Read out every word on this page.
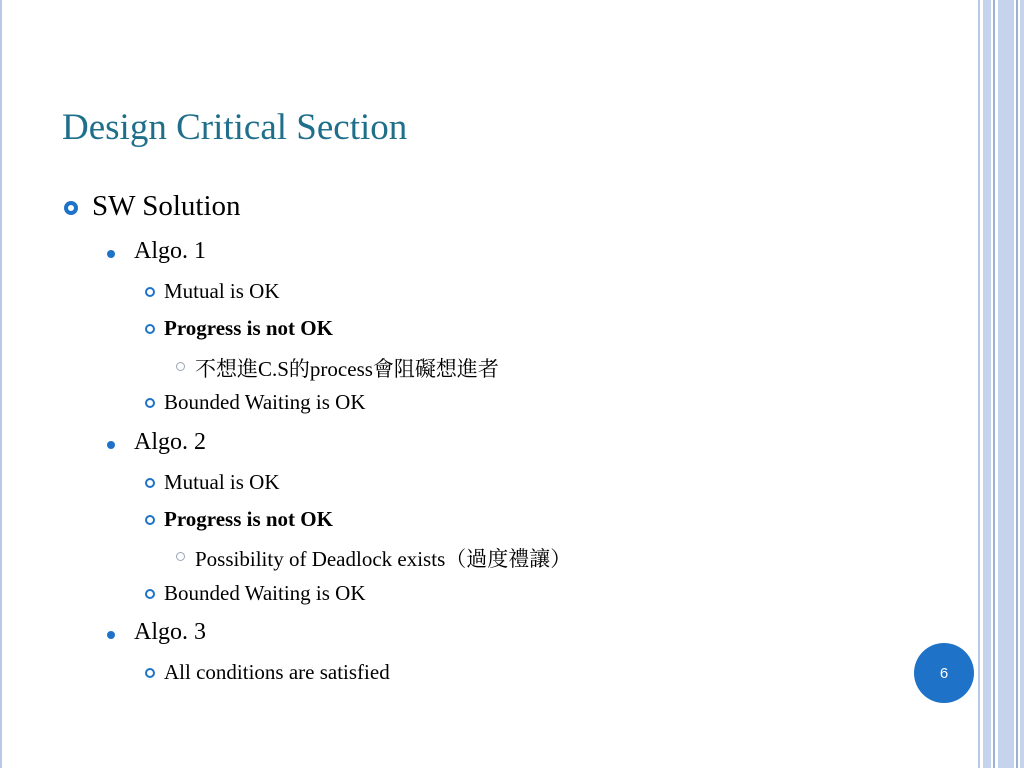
Design Critical Section
SW Solution
Algo. 1
Mutual is OK
Progress is not OK
不想進C.S的process會阻礙想進者
Bounded Waiting is OK
Algo. 2
Mutual is OK
Progress is not OK
Possibility of Deadlock exists（過度禮讓）
Bounded Waiting is OK
Algo. 3
All conditions are satisfied	6
